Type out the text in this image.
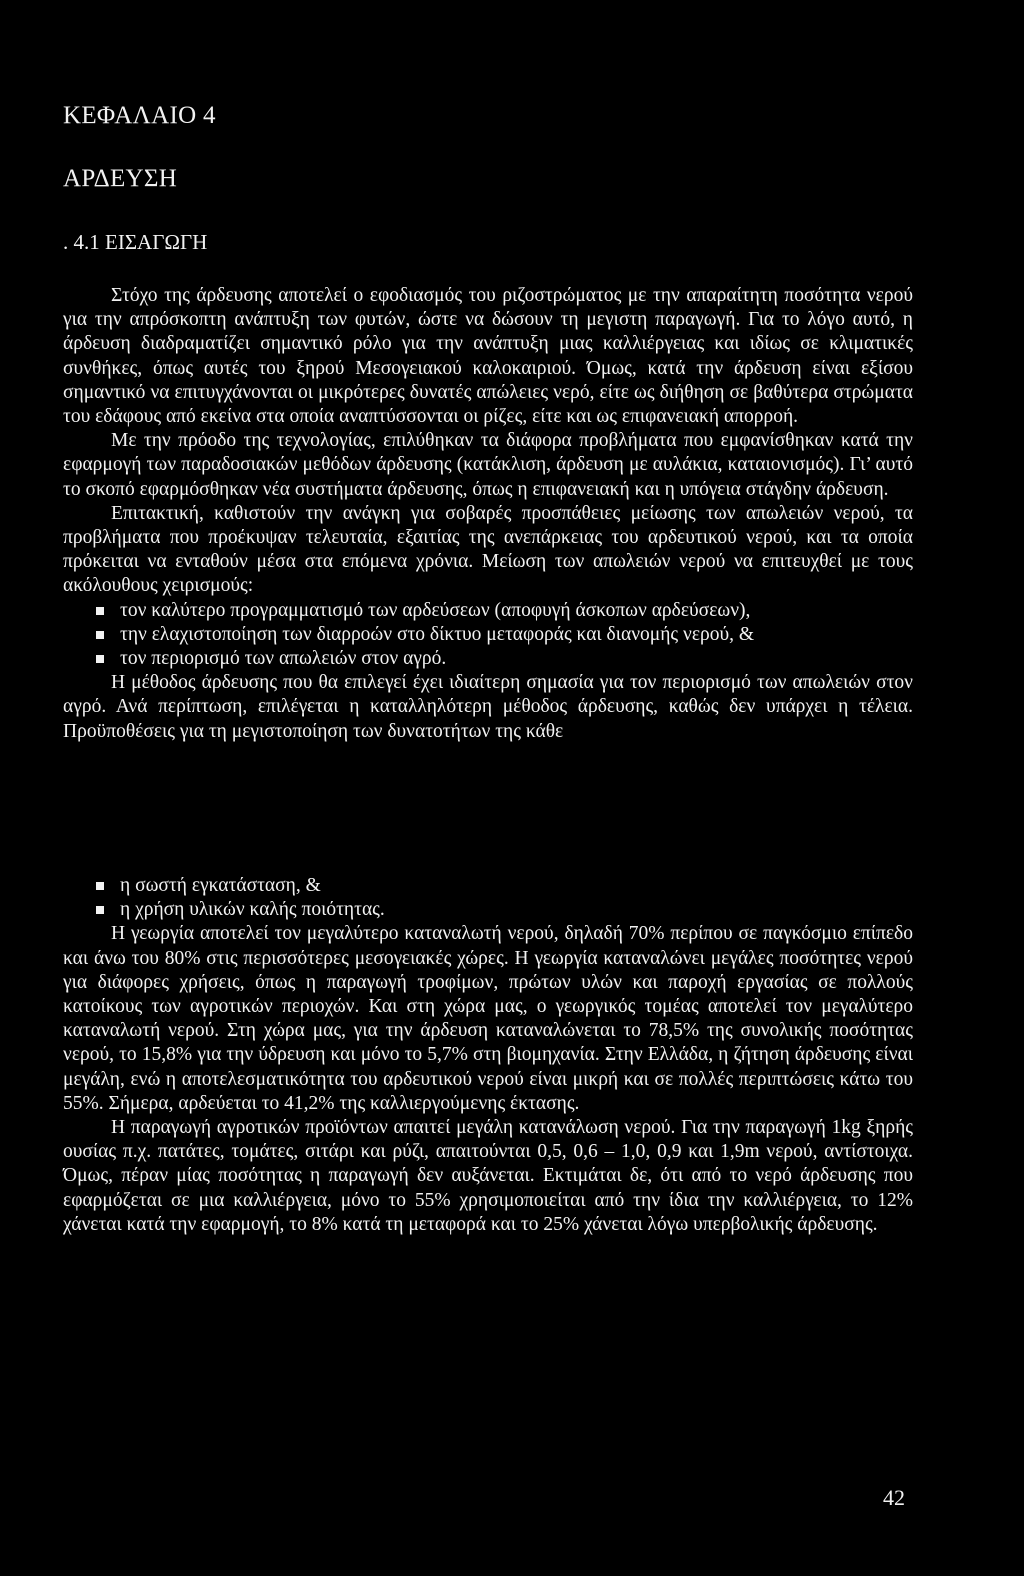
ΚΕΦΑΛΑΙΟ 4
ΑΡΔΕΥΣΗ
. 4.1 ΕΙΣΑΓΩΓΗ

Στόχο της άρδευσης αποτελεί ο εφοδιασμός του ριζοστρώματος με την απαραίτητη ποσότητα νερού για την απρόσκοπτη ανάπτυξη των φυτών, ώστε να δώσουν τη μεγιστη παραγωγή. Για το λόγο αυτό, η άρδευση διαδραματίζει σημαντικό ρόλο για την ανάπτυξη μιας καλλιέργειας και ιδίως σε κλιματικές συνθήκες, όπως αυτές του ξηρού Μεσογειακού καλοκαιριού. Όμως, κατά την άρδευση είναι εξίσου σημαντικό να επιτυγχάνονται οι μικρότερες δυνατές απώλειες νερό, είτε ως διήθηση σε βαθύτερα στρώματα του εδάφους από εκείνα στα οποία αναπτύσσονται οι ρίζες, είτε και ως επιφανειακή απορροή.

Με την πρόοδο της τεχνολογίας, επιλύθηκαν τα διάφορα προβλήματα που εμφανίσθηκαν κατά την εφαρμογή των παραδοσιακών μεθόδων άρδευσης (κατάκλιση, άρδευση με αυλάκια, καταιονισμός). Γι’ αυτό το σκοπό εφαρμόσθηκαν νέα συστήματα άρδευσης, όπως η επιφανειακή και η υπόγεια στάγδην άρδευση.

Επιτακτική, καθιστούν την ανάγκη για σοβαρές προσπάθειες μείωσης των απωλειών νερού, τα προβλήματα που προέκυψαν τελευταία, εξαιτίας της ανεπάρκειας του αρδευτικού νερού, και τα οποία πρόκειται να ενταθούν μέσα στα επόμενα χρόνια. Μείωση των απωλειών νερού να επιτευχθεί με τους ακόλουθους χειρισμούς:

τον καλύτερο προγραμματισμό των αρδεύσεων (αποφυγή άσκοπων αρδεύσεων),
την ελαχιστοποίηση των διαρροών στο δίκτυο μεταφοράς και διανομής νερού, &
τον περιορισμό των απωλειών στον αγρό.

Η μέθοδος άρδευσης που θα επιλεγεί έχει ιδιαίτερη σημασία για τον περιορισμό των απωλειών στον αγρό. Ανά περίπτωση, επιλέγεται η καταλληλότερη μέθοδος άρδευσης, καθώς δεν υπάρχει η τέλεια. Προϋποθέσεις για τη μεγιστοποίηση των δυνατοτήτων της κάθε

η σωστή εγκατάσταση, &
η χρήση υλικών καλής ποιότητας.

Η γεωργία αποτελεί τον μεγαλύτερο καταναλωτή νερού, δηλαδή 70% περίπου σε παγκόσμιο επίπεδο και άνω του 80% στις περισσότερες μεσογειακές χώρες. Η γεωργία καταναλώνει μεγάλες ποσότητες νερού για διάφορες χρήσεις, όπως η παραγωγή τροφίμων, πρώτων υλών και παροχή εργασίας σε πολλούς κατοίκους των αγροτικών περιοχών. Και στη χώρα μας, ο γεωργικός τομέας αποτελεί τον μεγαλύτερο καταναλωτή νερού. Στη χώρα μας, για την άρδευση καταναλώνεται το 78,5% της συνολικής ποσότητας νερού, το 15,8% για την ύδρευση και μόνο το 5,7% στη βιομηχανία. Στην Ελλάδα, η ζήτηση άρδευσης είναι μεγάλη, ενώ η αποτελεσματικότητα του αρδευτικού νερού είναι μικρή και σε πολλές περιπτώσεις κάτω του 55%. Σήμερα, αρδεύεται το 41,2% της καλλιεργούμενης έκτασης.

Η παραγωγή αγροτικών προϊόντων απαιτεί μεγάλη κατανάλωση νερού. Για την παραγωγή 1kg ξηρής ουσίας π.χ. πατάτες, τομάτες, σιτάρι και ρύζι, απαιτούνται 0,5, 0,6 – 1,0, 0,9 και 1,9m νερού, αντίστοιχα. Όμως, πέραν μίας ποσότητας η παραγωγή δεν αυξάνεται. Εκτιμάται δε, ότι από το νερό άρδευσης που εφαρμόζεται σε μια καλλιέργεια, μόνο το 55% χρησιμοποιείται από την ίδια την καλλιέργεια, το 12% χάνεται κατά την εφαρμογή, το 8% κατά τη μεταφορά και το 25% χάνεται λόγω υπερβολικής άρδευσης.

42
